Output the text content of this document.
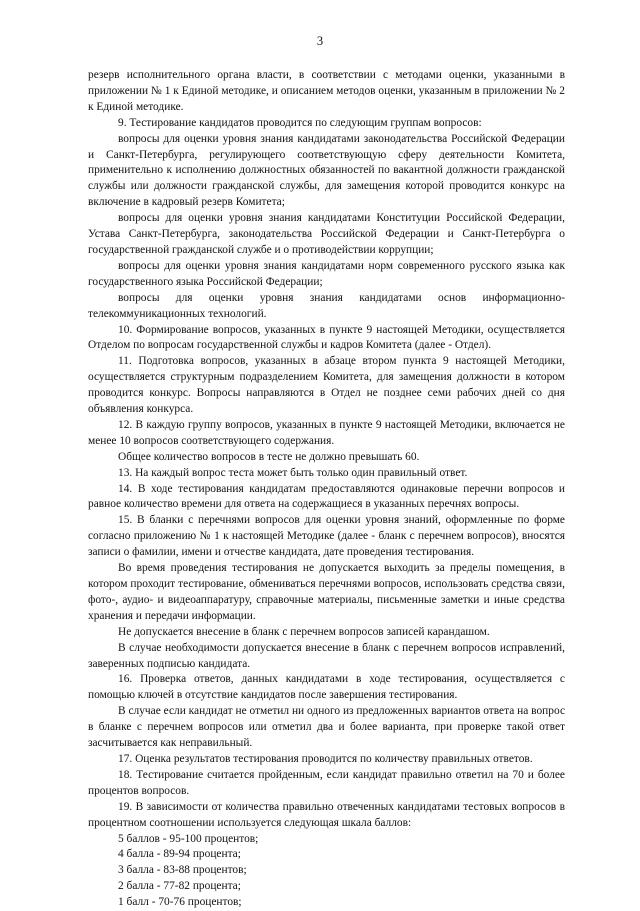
3

резерв исполнительного органа власти, в соответствии с методами оценки, указанными в приложении № 1 к Единой методике, и описанием методов оценки, указанным в приложении № 2 к Единой методике.

9. Тестирование кандидатов проводится по следующим группам вопросов:

вопросы для оценки уровня знания кандидатами законодательства Российской Федерации и Санкт-Петербурга, регулирующего соответствующую сферу деятельности Комитета, применительно к исполнению должностных обязанностей по вакантной должности гражданской службы или должности гражданской службы, для замещения которой проводится конкурс на включение в кадровый резерв Комитета;

вопросы для оценки уровня знания кандидатами Конституции Российской Федерации, Устава Санкт-Петербурга, законодательства Российской Федерации и Санкт-Петербурга о государственной гражданской службе и о противодействии коррупции;

вопросы для оценки уровня знания кандидатами норм современного русского языка как государственного языка Российской Федерации;

вопросы для оценки уровня знания кандидатами основ информационно-телекоммуникационных технологий.

10. Формирование вопросов, указанных в пункте 9 настоящей Методики, осуществляется Отделом по вопросам государственной службы и кадров Комитета (далее - Отдел).

11. Подготовка вопросов, указанных в абзаце втором пункта 9 настоящей Методики, осуществляется структурным подразделением Комитета, для замещения должности в котором проводится конкурс. Вопросы направляются в Отдел не позднее семи рабочих дней со дня объявления конкурса.

12. В каждую группу вопросов, указанных в пункте 9 настоящей Методики, включается не менее 10 вопросов соответствующего содержания.

Общее количество вопросов в тесте не должно превышать 60.

13. На каждый вопрос теста может быть только один правильный ответ.

14. В ходе тестирования кандидатам предоставляются одинаковые перечни вопросов и равное количество времени для ответа на содержащиеся в указанных перечнях вопросы.

15. В бланки с перечнями вопросов для оценки уровня знаний, оформленные по форме согласно приложению № 1 к настоящей Методике (далее - бланк с перечнем вопросов), вносятся записи о фамилии, имени и отчестве кандидата, дате проведения тестирования.

Во время проведения тестирования не допускается выходить за пределы помещения, в котором проходит тестирование, обмениваться перечнями вопросов, использовать средства связи, фото-, аудио- и видеоаппаратуру, справочные материалы, письменные заметки и иные средства хранения и передачи информации.

Не допускается внесение в бланк с перечнем вопросов записей карандашом.

В случае необходимости допускается внесение в бланк с перечнем вопросов исправлений, заверенных подписью кандидата.

16. Проверка ответов, данных кандидатами в ходе тестирования, осуществляется с помощью ключей в отсутствие кандидатов после завершения тестирования.

В случае если кандидат не отметил ни одного из предложенных вариантов ответа на вопрос в бланке с перечнем вопросов или отметил два и более варианта, при проверке такой ответ засчитывается как неправильный.

17. Оценка результатов тестирования проводится по количеству правильных ответов.

18. Тестирование считается пройденным, если кандидат правильно ответил на 70 и более процентов вопросов.

19. В зависимости от количества правильно отвеченных кандидатами тестовых вопросов в процентном соотношении используется следующая шкала баллов:

5 баллов - 95-100 процентов;

4 балла - 89-94 процента;

3 балла - 83-88 процентов;

2 балла - 77-82 процента;

1 балл - 70-76 процентов;
